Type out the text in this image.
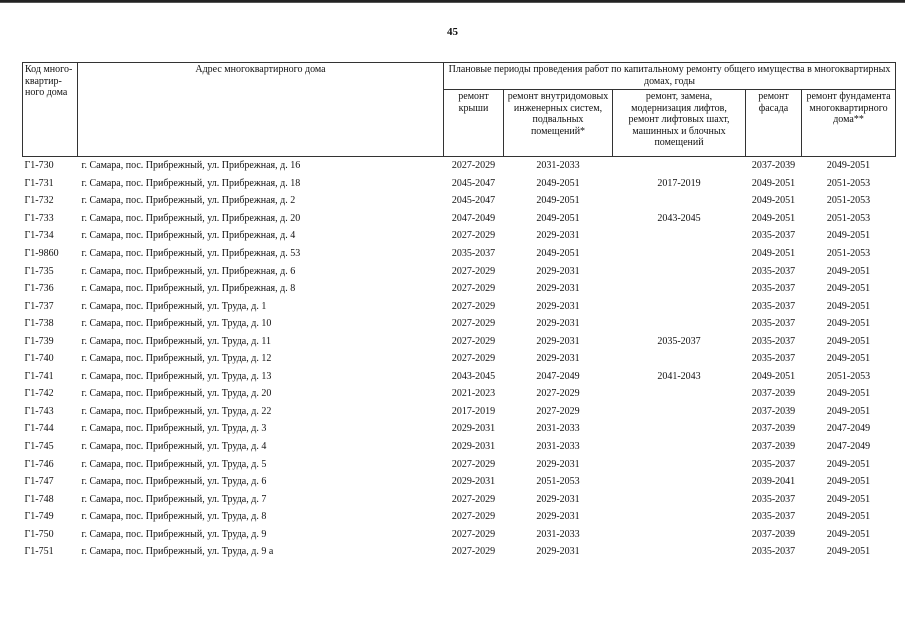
45
Код много-квартир-ного дома	Адрес многоквартирного дома	Плановые периоды проведения работ по капитальному ремонту общего имущества в многоквартирных домах, годы				
		ремонт крыши	ремонт внутридомовых инженерных систем, подвальных помещений*	ремонт, замена, модернизация лифтов, ремонт лифтовых шахт, машинных и блочных помещений	ремонт фасада	ремонт фундамента многоквартирного дома**
Г1-730	г. Самара, пос. Прибрежный, ул. Прибрежная, д. 16	2027-2029	2031-2033		2037-2039	2049-2051
Г1-731	г. Самара, пос. Прибрежный, ул. Прибрежная, д. 18	2045-2047	2049-2051	2017-2019	2049-2051	2051-2053
Г1-732	г. Самара, пос. Прибрежный, ул. Прибрежная, д. 2	2045-2047	2049-2051		2049-2051	2051-2053
Г1-733	г. Самара, пос. Прибрежный, ул. Прибрежная, д. 20	2047-2049	2049-2051	2043-2045	2049-2051	2051-2053
Г1-734	г. Самара, пос. Прибрежный, ул. Прибрежная, д. 4	2027-2029	2029-2031		2035-2037	2049-2051
Г1-9860	г. Самара, пос. Прибрежный, ул. Прибрежная, д. 53	2035-2037	2049-2051		2049-2051	2051-2053
Г1-735	г. Самара, пос. Прибрежный, ул. Прибрежная, д. 6	2027-2029	2029-2031		2035-2037	2049-2051
Г1-736	г. Самара, пос. Прибрежный, ул. Прибрежная, д. 8	2027-2029	2029-2031		2035-2037	2049-2051
Г1-737	г. Самара, пос. Прибрежный, ул. Труда, д. 1	2027-2029	2029-2031		2035-2037	2049-2051
Г1-738	г. Самара, пос. Прибрежный, ул. Труда, д. 10	2027-2029	2029-2031		2035-2037	2049-2051
Г1-739	г. Самара, пос. Прибрежный, ул. Труда, д. 11	2027-2029	2029-2031	2035-2037	2035-2037	2049-2051
Г1-740	г. Самара, пос. Прибрежный, ул. Труда, д. 12	2027-2029	2029-2031		2035-2037	2049-2051
Г1-741	г. Самара, пос. Прибрежный, ул. Труда, д. 13	2043-2045	2047-2049	2041-2043	2049-2051	2051-2053
Г1-742	г. Самара, пос. Прибрежный, ул. Труда, д. 20	2021-2023	2027-2029		2037-2039	2049-2051
Г1-743	г. Самара, пос. Прибрежный, ул. Труда, д. 22	2017-2019	2027-2029		2037-2039	2049-2051
Г1-744	г. Самара, пос. Прибрежный, ул. Труда, д. 3	2029-2031	2031-2033		2037-2039	2047-2049
Г1-745	г. Самара, пос. Прибрежный, ул. Труда, д. 4	2029-2031	2031-2033		2037-2039	2047-2049
Г1-746	г. Самара, пос. Прибрежный, ул. Труда, д. 5	2027-2029	2029-2031		2035-2037	2049-2051
Г1-747	г. Самара, пос. Прибрежный, ул. Труда, д. 6	2029-2031	2051-2053		2039-2041	2049-2051
Г1-748	г. Самара, пос. Прибрежный, ул. Труда, д. 7	2027-2029	2029-2031		2035-2037	2049-2051
Г1-749	г. Самара, пос. Прибрежный, ул. Труда, д. 8	2027-2029	2029-2031		2035-2037	2049-2051
Г1-750	г. Самара, пос. Прибрежный, ул. Труда, д. 9	2027-2029	2031-2033		2037-2039	2049-2051
Г1-751	г. Самара, пос. Прибрежный, ул. Труда, д. 9 а	2027-2029	2029-2031		2035-2037	2049-2051
